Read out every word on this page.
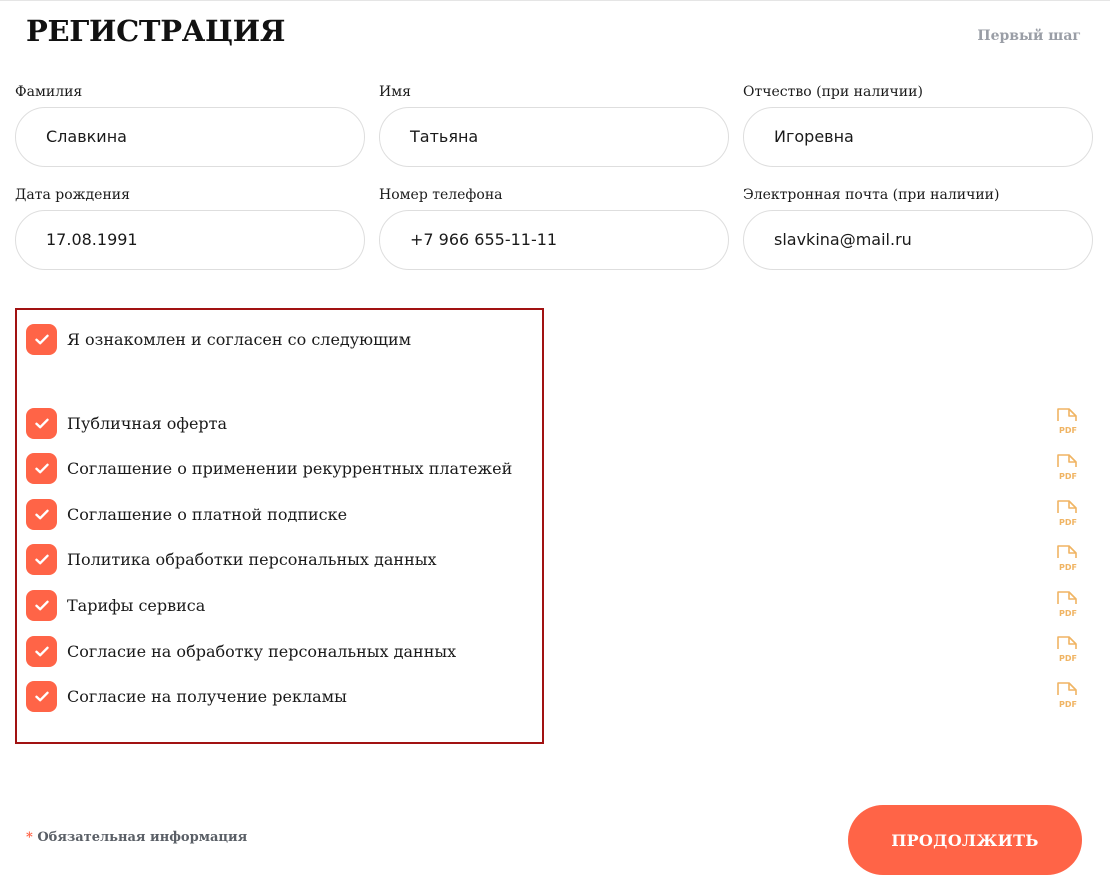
РЕГИСТРАЦИЯ	Первый шаг
Фамилия
Славкина
Имя
Татьяна
Отчество (при наличии)
Игоревна
Дата рождения
17.08.1991
Номер телефона
+7 966 655-11-11
Электронная почта (при наличии)
slavkina@mail.ru
Я ознакомлен и согласен со следующим
Публичная оферта
Соглашение о применении рекуррентных платежей
Соглашение о платной подписке
Политика обработки персональных данных
Тарифы сервиса
Согласие на обработку персональных данных
Согласие на получение рекламы
PDF
PDF
PDF
PDF
PDF
PDF
PDF
* Обязательная информация	ПРОДОЛЖИТЬ
